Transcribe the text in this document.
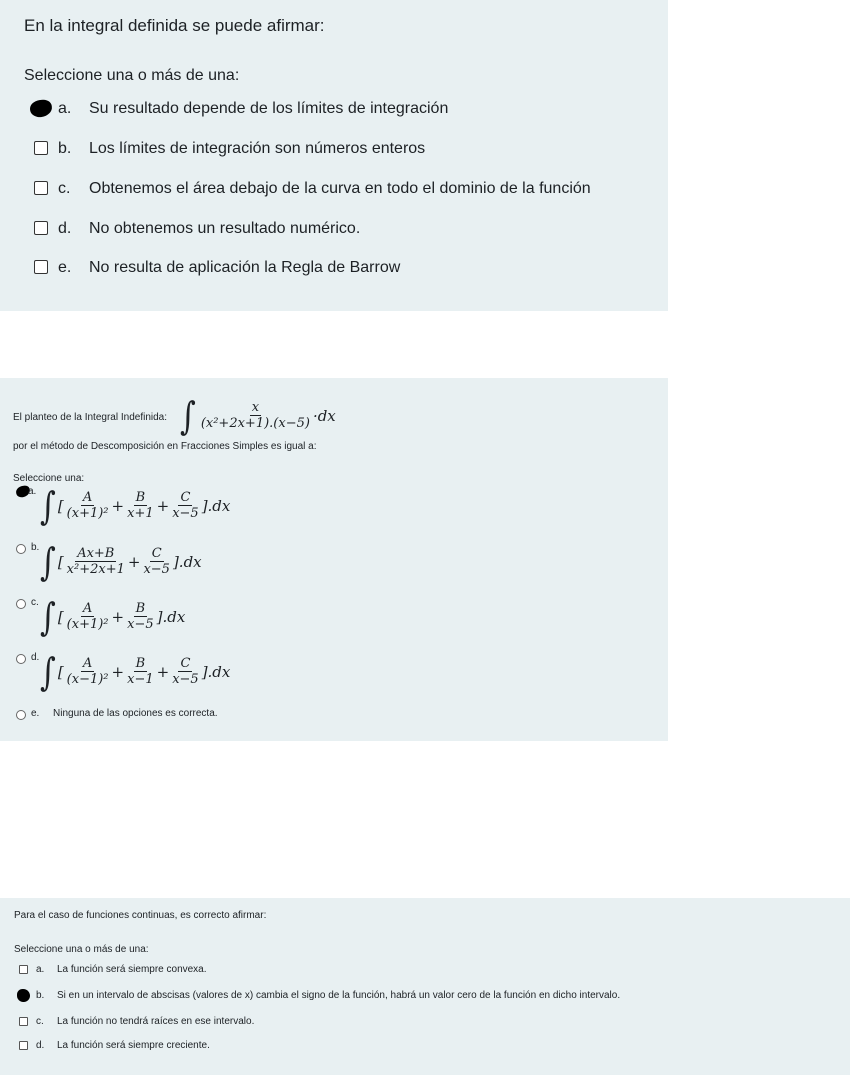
En la integral definida se puede afirmar:
Seleccione una o más de una:
a. Su resultado depende de los límites de integración
b. Los límites de integración son números enteros
c. Obtenemos el área debajo de la curva en todo el dominio de la función
d. No obtenemos un resultado numérico.
e. No resulta de aplicación la Regla de Barrow
El planteo de la Integral Indefinida: ∫ $\frac{x}{\text{(x²+2x+1).(x−5)}} \cdot dx$
por el método de Descomposición en Fracciones Simples es igual a:
Seleccione una:
a. ∫ [ $\frac{A}{\text{(x+1)²}} + \frac{B}{x+1} + \frac{C}{x-5} ].dx$
b. ∫ [ $\frac{Ax+B}{\text{x²+2x+1}} + \frac{C}{x-5} ].dx$
c. ∫ [ $\frac{A}{\text{(x+1)²}} + \frac{B}{x-5} ].dx$
d. ∫ [ $\frac{A}{\text{(x−1)²}} + \frac{B}{x-1} + \frac{C}{x-5} ].dx$
e. Ninguna de las opciones es correcta.
Para el caso de funciones continuas, es correcto afirmar:
Seleccione una o más de una:
a. La función será siempre convexa.
b. Si en un intervalo de abscisas (valores de x) cambia el signo de la función, habrá un valor cero de la función en dicho intervalo.
c. La función no tendrá raíces en ese intervalo.
d. La función será siempre creciente.
